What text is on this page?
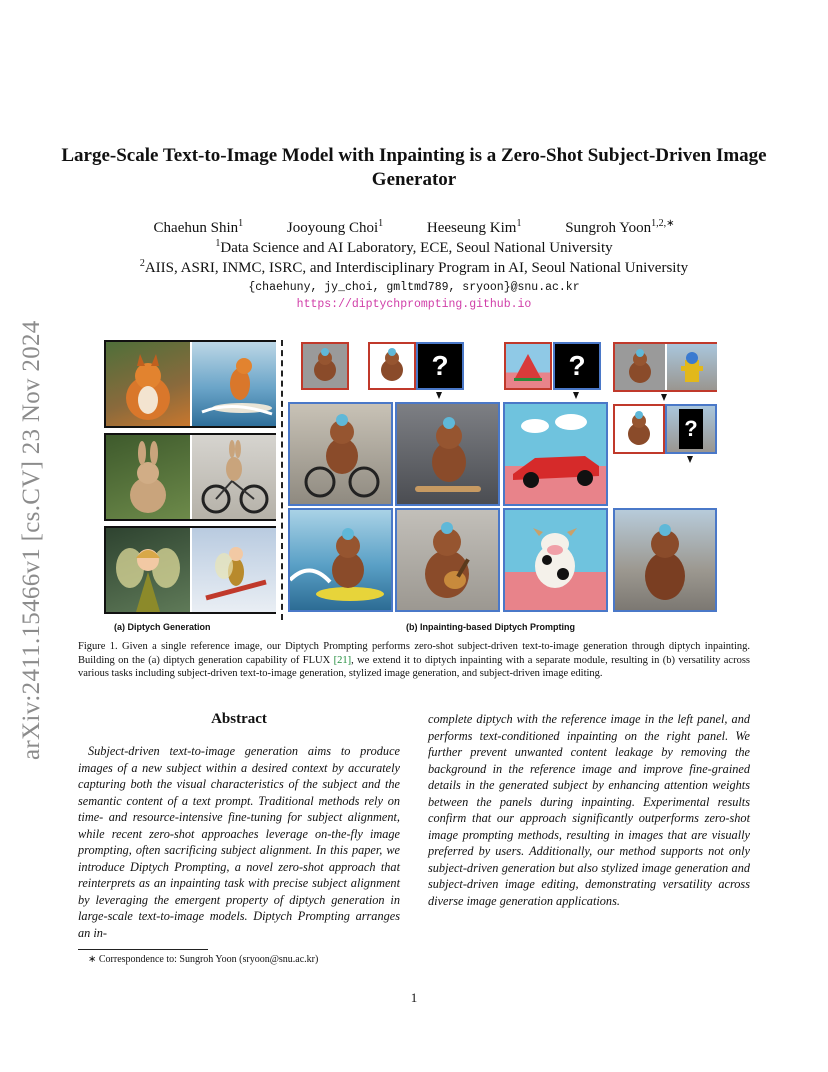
arXiv:2411.15466v1 [cs.CV] 23 Nov 2024
Large-Scale Text-to-Image Model with Inpainting is a Zero-Shot Subject-Driven Image Generator
Chaehun Shin$^1$	Jooyoung Choi$^1$	Heeseung Kim$^1$	Sungroh Yoon$^{1,2,∗}$
$^1$Data Science and AI Laboratory, ECE, Seoul National University
$^2$AIIS, ASRI, INMC, ISRC, and Interdisciplinary Program in AI, Seoul National University
{chaehuny, jy_choi, gmltmd789, sryoon}@snu.ac.kr
https://diptychprompting.github.io
?	?
?
(a) Diptych Generation	(b) Inpainting-based Diptych Prompting
Figure 1. Given a single reference image, our Diptych Prompting performs zero-shot subject-driven text-to-image generation through diptych inpainting. Building on the (a) diptych generation capability of FLUX [21], we extend it to diptych inpainting with a separate module, resulting in (b) versatility across various tasks including subject-driven text-to-image generation, stylized image generation, and subject-driven image editing.
Abstract
Subject-driven text-to-image generation aims to produce images of a new subject within a desired context by accurately capturing both the visual characteristics of the subject and the semantic content of a text prompt. Traditional methods rely on time- and resource-intensive fine-tuning for subject alignment, while recent zero-shot approaches leverage on-the-fly image prompting, often sacrificing subject alignment. In this paper, we introduce Diptych Prompting, a novel zero-shot approach that reinterprets as an inpainting task with precise subject alignment by leveraging the emergent property of diptych generation in large-scale text-to-image models. Diptych Prompting arranges an in-
complete diptych with the reference image in the left panel, and performs text-conditioned inpainting on the right panel. We further prevent unwanted content leakage by removing the background in the reference image and improve fine-grained details in the generated subject by enhancing attention weights between the panels during inpainting. Experimental results confirm that our approach significantly outperforms zero-shot image prompting methods, resulting in images that are visually preferred by users. Additionally, our method supports not only subject-driven generation but also stylized image generation and subject-driven image editing, demonstrating versatility across diverse image generation applications.
∗ Correspondence to: Sungroh Yoon (sryoon@snu.ac.kr)
1
